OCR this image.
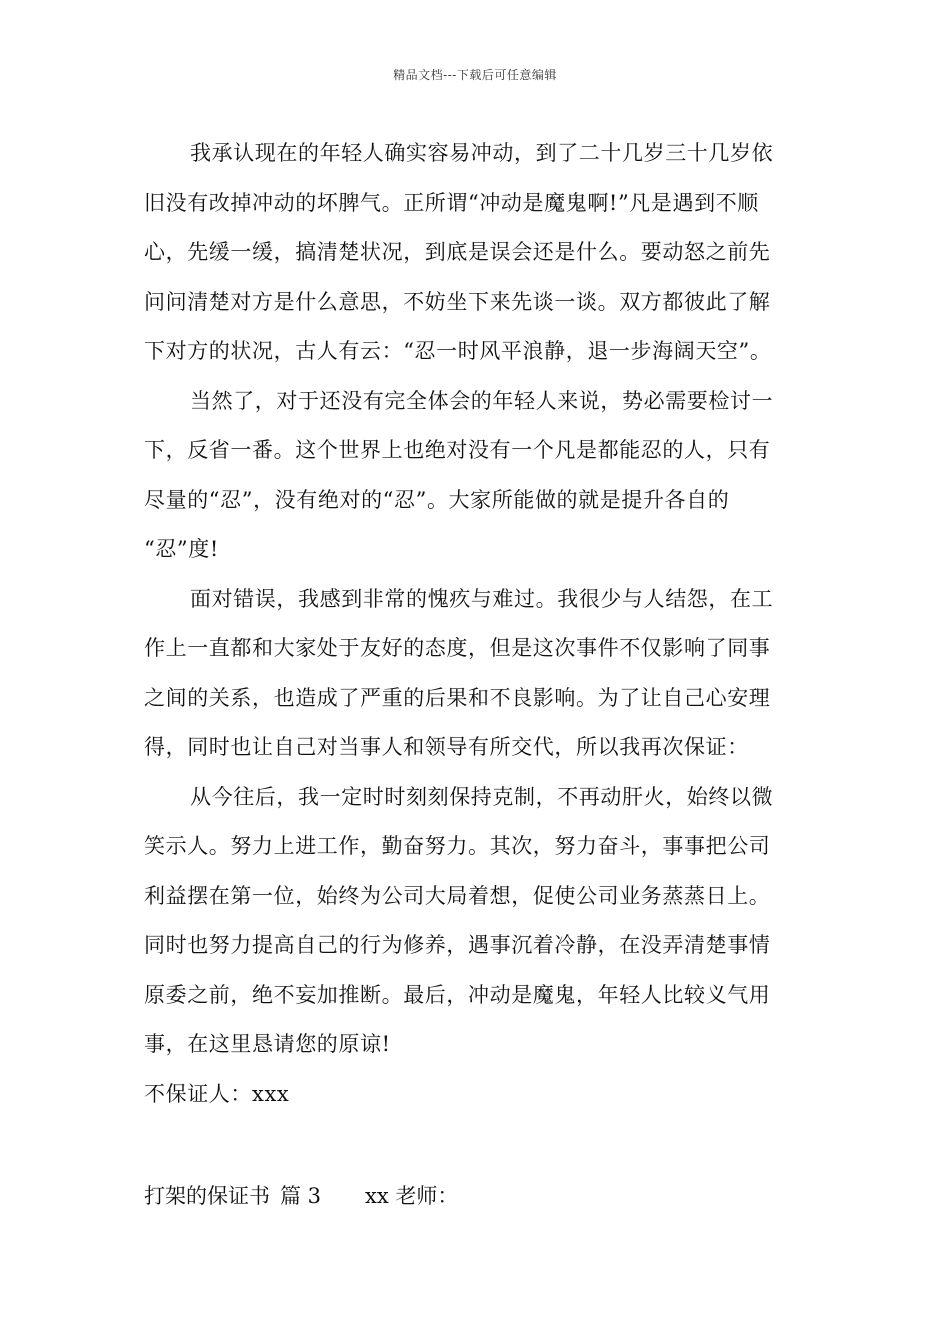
精品文档---下载后可任意编辑
我承认现在的年轻人确实容易冲动，到了二十几岁三十几岁依
旧没有改掉冲动的坏脾气。正所谓“冲动是魔鬼啊!”凡是遇到不顺
心，先缓一缓，搞清楚状况，到底是误会还是什么。要动怒之前先
问问清楚对方是什么意思，不妨坐下来先谈一谈。双方都彼此了解
下对方的状况，古人有云：“忍一时风平浪静，退一步海阔天空”。
当然了，对于还没有完全体会的年轻人来说，势必需要检讨一
下，反省一番。这个世界上也绝对没有一个凡是都能忍的人，只有
尽量的“忍”，没有绝对的“忍”。大家所能做的就是提升各自的
“忍”度!
面对错误，我感到非常的愧疚与难过。我很少与人结怨，在工
作上一直都和大家处于友好的态度，但是这次事件不仅影响了同事
之间的关系，也造成了严重的后果和不良影响。为了让自己心安理
得，同时也让自己对当事人和领导有所交代，所以我再次保证：
从今往后，我一定时时刻刻保持克制，不再动肝火，始终以微
笑示人。努力上进工作，勤奋努力。其次，努力奋斗，事事把公司
利益摆在第一位，始终为公司大局着想，促使公司业务蒸蒸日上。
同时也努力提高自己的行为修养，遇事沉着冷静，在没弄清楚事情
原委之前，绝不妄加推断。最后，冲动是魔鬼，年轻人比较义气用
事，在这里恳请您的原谅!
不保证人：xxx
打架的保证书 篇 3 xx 老师：
